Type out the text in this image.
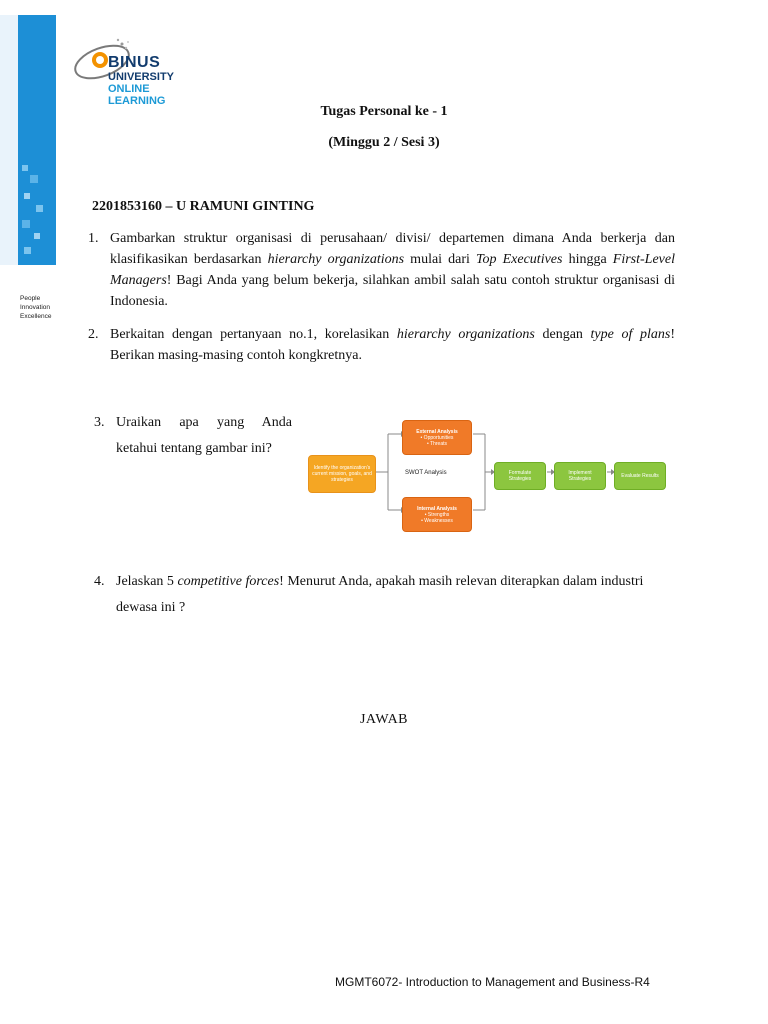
People
Innovation
Excellence
BINUS
UNIVERSITY
ONLINE
LEARNING
Tugas Personal ke - 1
(Minggu 2 / Sesi 3)
2201853160 – U RAMUNI GINTING
1. Gambarkan struktur organisasi di perusahaan/ divisi/ departemen dimana Anda berkerja dan klasifikasikan berdasarkan hierarchy organizations mulai dari Top Executives hingga First-Level Managers! Bagi Anda yang belum bekerja, silahkan ambil salah satu contoh struktur organisasi di Indonesia.
2. Berkaitan dengan pertanyaan no.1, korelasikan hierarchy organizations dengan type of plans! Berikan masing-masing contoh kongkretnya.
3. Uraikan apa yang Anda ketahui tentang gambar ini?
Identify the organization's current mission, goals, and strategies
External Analysis
• Opportunities
• Threats
SWOT Analysis
Internal Analysis
• Strengths
• Weaknesses
Formulate Strategies
Implement Strategies	Evaluate Results
4. Jelaskan 5 competitive forces! Menurut Anda, apakah masih relevan diterapkan dalam industri dewasa ini ?
JAWAB
MGMT6072- Introduction to Management and Business-R4
